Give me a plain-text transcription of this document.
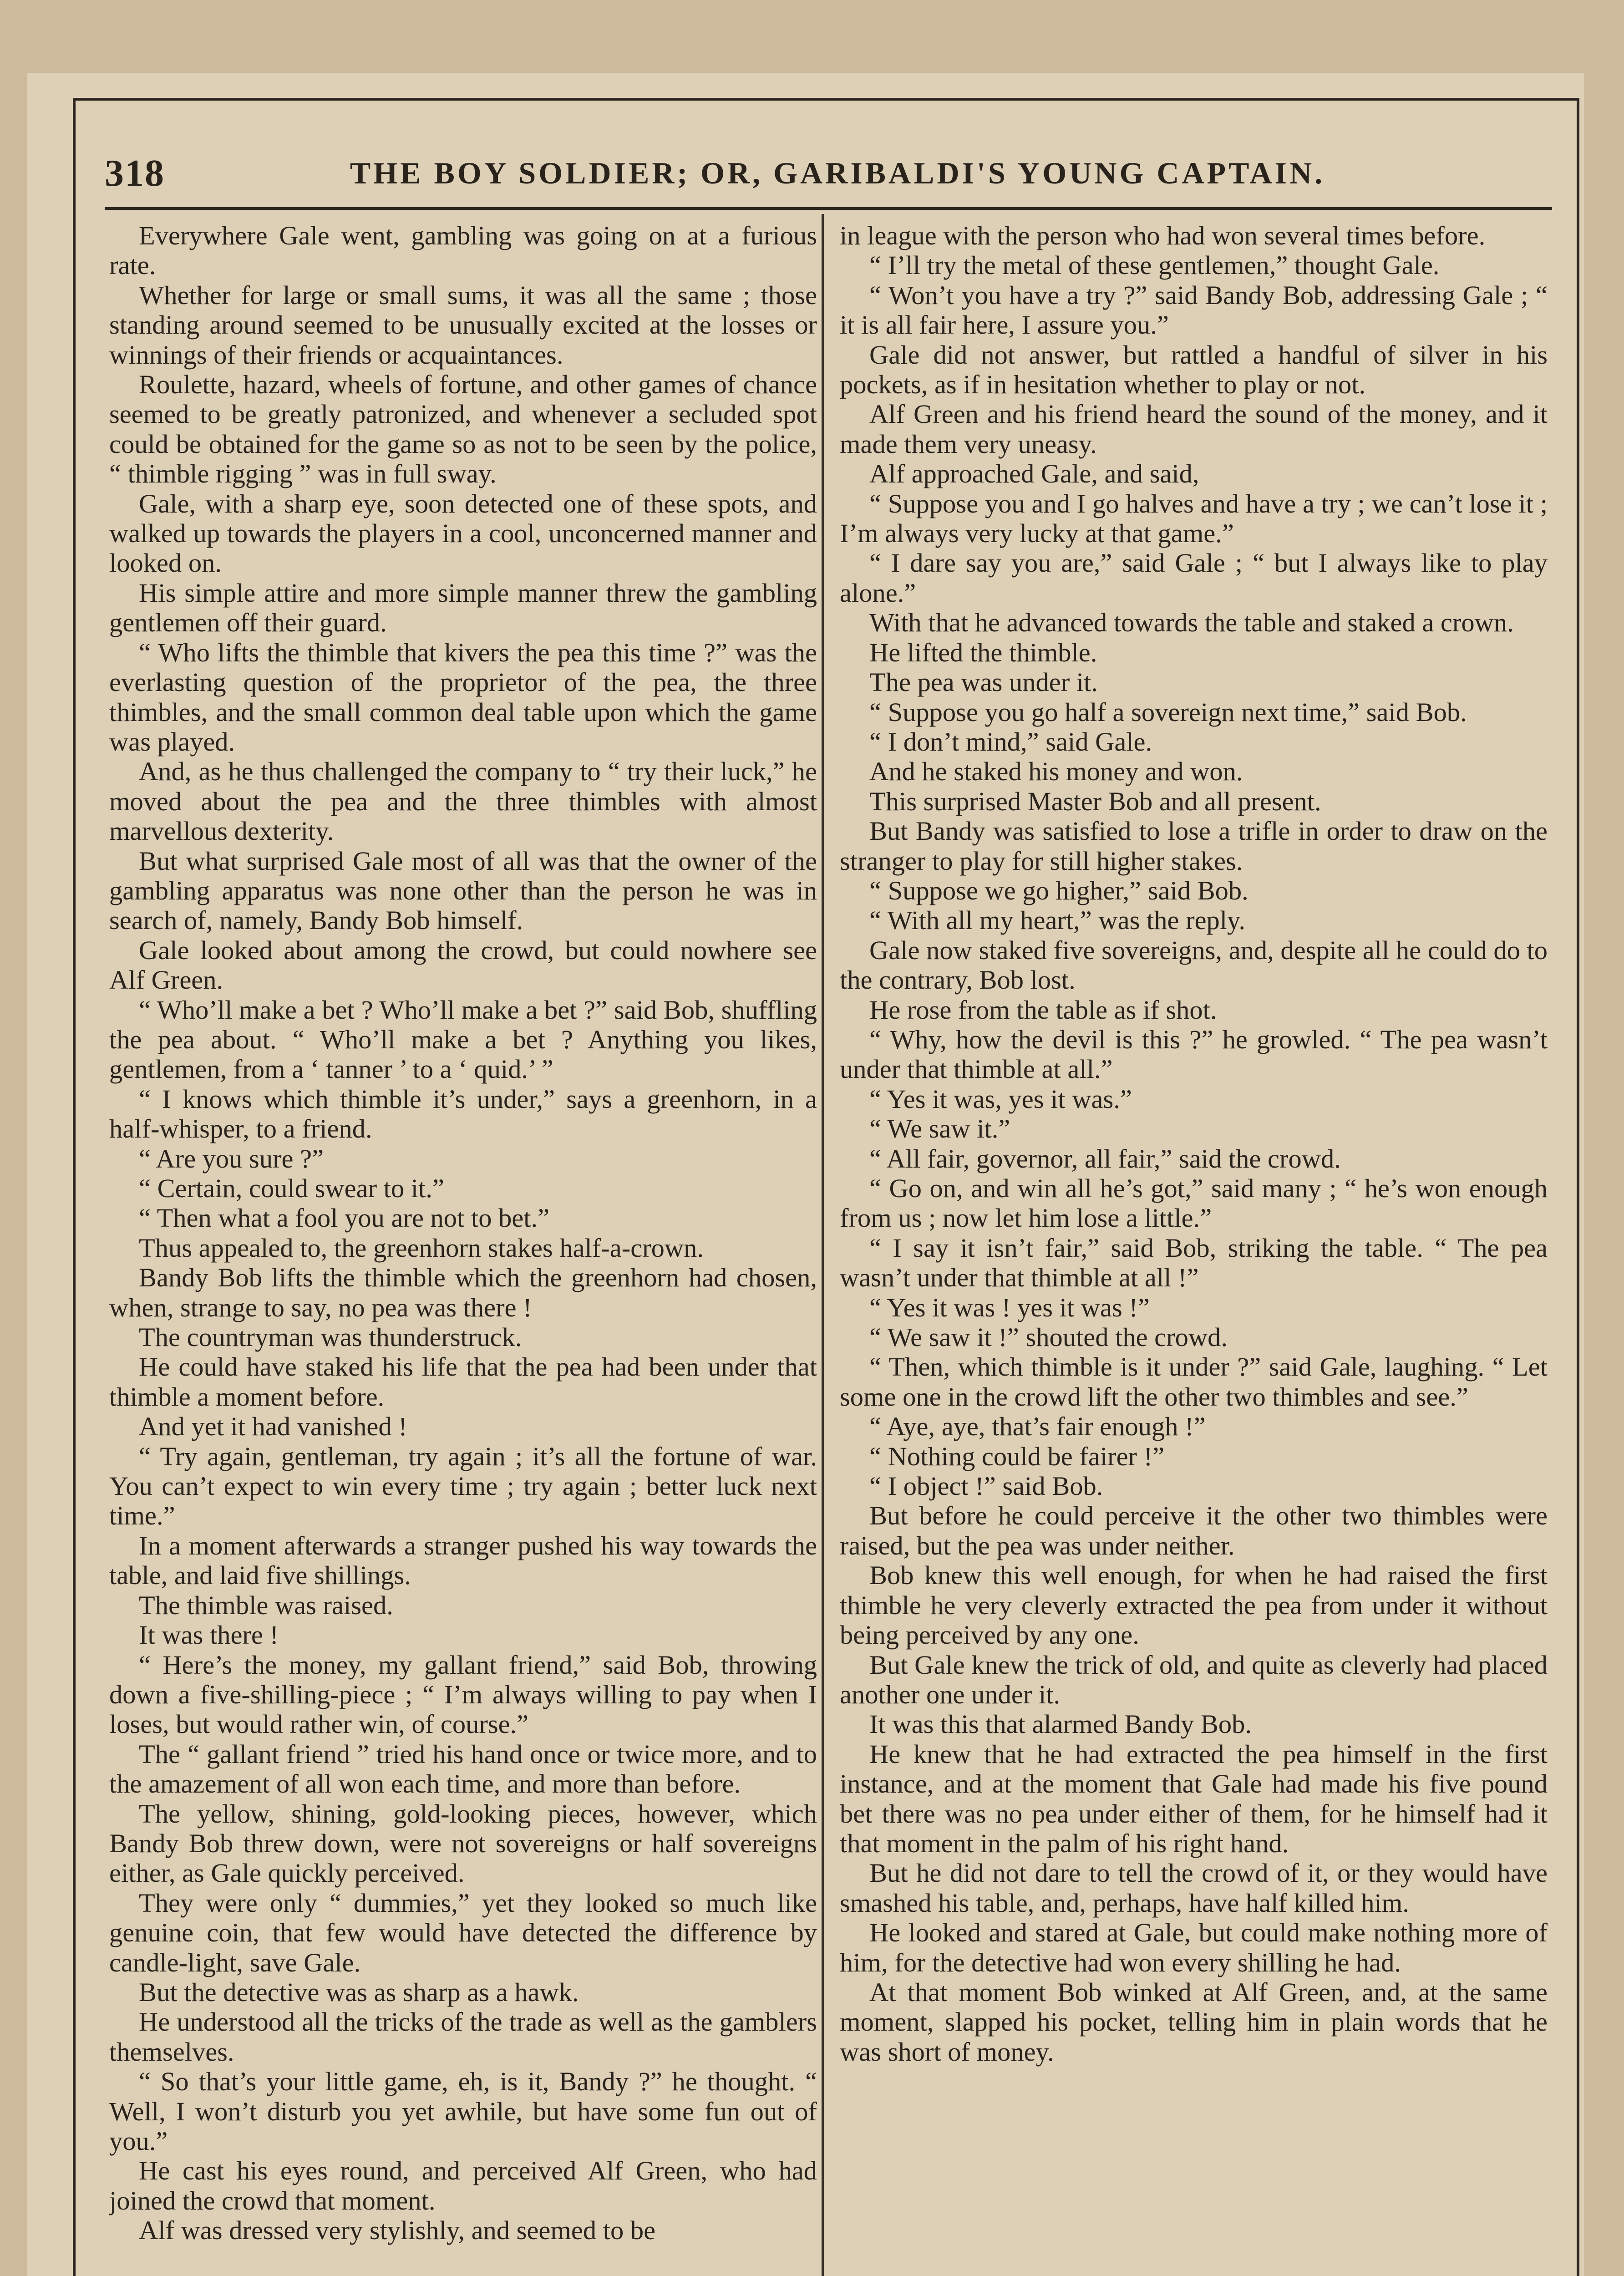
318	THE BOY SOLDIER; OR, GARIBALDI'S YOUNG CAPTAIN.

Everywhere Gale went, gambling was going on at a furious rate.

Whether for large or small sums, it was all the same ; those standing around seemed to be unusually excited at the losses or winnings of their friends or acquaintances.

Roulette, hazard, wheels of fortune, and other games of chance seemed to be greatly patronized, and whenever a secluded spot could be obtained for the game so as not to be seen by the police, “ thimble rigging ” was in full sway.

Gale, with a sharp eye, soon detected one of these spots, and walked up towards the players in a cool, unconcerned manner and looked on.

His simple attire and more simple manner threw the gambling gentlemen off their guard.

“ Who lifts the thimble that kivers the pea this time ?” was the everlasting question of the proprietor of the pea, the three thimbles, and the small common deal table upon which the game was played.

And, as he thus challenged the company to “ try their luck,” he moved about the pea and the three thimbles with almost marvellous dexterity.

But what surprised Gale most of all was that the owner of the gambling apparatus was none other than the person he was in search of, namely, Bandy Bob himself.

Gale looked about among the crowd, but could nowhere see Alf Green.

“ Who’ll make a bet ? Who’ll make a bet ?” said Bob, shuffling the pea about. “ Who’ll make a bet ? Anything you likes, gentlemen, from a ‘ tanner ’ to a ‘ quid.’ ”

“ I knows which thimble it’s under,” says a greenhorn, in a half-whisper, to a friend.

“ Are you sure ?”

“ Certain, could swear to it.”

“ Then what a fool you are not to bet.”

Thus appealed to, the greenhorn stakes half-a-crown.

Bandy Bob lifts the thimble which the greenhorn had chosen, when, strange to say, no pea was there !

The countryman was thunderstruck.

He could have staked his life that the pea had been under that thimble a moment before.

And yet it had vanished !

“ Try again, gentleman, try again ; it’s all the fortune of war. You can’t expect to win every time ; try again ; better luck next time.”

In a moment afterwards a stranger pushed his way towards the table, and laid five shillings.

The thimble was raised.

It was there !

“ Here’s the money, my gallant friend,” said Bob, throwing down a five-shilling-piece ; “ I’m always willing to pay when I loses, but would rather win, of course.”

The “ gallant friend ” tried his hand once or twice more, and to the amazement of all won each time, and more than before.

The yellow, shining, gold-looking pieces, however, which Bandy Bob threw down, were not sovereigns or half sovereigns either, as Gale quickly perceived.

They were only “ dummies,” yet they looked so much like genuine coin, that few would have detected the difference by candle-light, save Gale.

But the detective was as sharp as a hawk.

He understood all the tricks of the trade as well as the gamblers themselves.

“ So that’s your little game, eh, is it, Bandy ?” he thought. “ Well, I won’t disturb you yet awhile, but have some fun out of you.”

He cast his eyes round, and perceived Alf Green, who had joined the crowd that moment.

Alf was dressed very stylishly, and seemed to be

in league with the person who had won several times before.

“ I’ll try the metal of these gentlemen,” thought Gale.

“ Won’t you have a try ?” said Bandy Bob, addressing Gale ; “ it is all fair here, I assure you.”

Gale did not answer, but rattled a handful of silver in his pockets, as if in hesitation whether to play or not.

Alf Green and his friend heard the sound of the money, and it made them very uneasy.

Alf approached Gale, and said,

“ Suppose you and I go halves and have a try ; we can’t lose it ; I’m always very lucky at that game.”

“ I dare say you are,” said Gale ; “ but I always like to play alone.”

With that he advanced towards the table and staked a crown.

He lifted the thimble.

The pea was under it.

“ Suppose you go half a sovereign next time,” said Bob.

“ I don’t mind,” said Gale.

And he staked his money and won.

This surprised Master Bob and all present.

But Bandy was satisfied to lose a trifle in order to draw on the stranger to play for still higher stakes.

“ Suppose we go higher,” said Bob.

“ With all my heart,” was the reply.

Gale now staked five sovereigns, and, despite all he could do to the contrary, Bob lost.

He rose from the table as if shot.

“ Why, how the devil is this ?” he growled. “ The pea wasn’t under that thimble at all.”

“ Yes it was, yes it was.”

“ We saw it.”

“ All fair, governor, all fair,” said the crowd.

“ Go on, and win all he’s got,” said many ; “ he’s won enough from us ; now let him lose a little.”

“ I say it isn’t fair,” said Bob, striking the table. “ The pea wasn’t under that thimble at all !”

“ Yes it was ! yes it was !”

“ We saw it !” shouted the crowd.

“ Then, which thimble is it under ?” said Gale, laughing. “ Let some one in the crowd lift the other two thimbles and see.”

“ Aye, aye, that’s fair enough !”

“ Nothing could be fairer !”

“ I object !” said Bob.

But before he could perceive it the other two thimbles were raised, but the pea was under neither.

Bob knew this well enough, for when he had raised the first thimble he very cleverly extracted the pea from under it without being perceived by any one.

But Gale knew the trick of old, and quite as cleverly had placed another one under it.

It was this that alarmed Bandy Bob.

He knew that he had extracted the pea himself in the first instance, and at the moment that Gale had made his five pound bet there was no pea under either of them, for he himself had it that moment in the palm of his right hand.

But he did not dare to tell the crowd of it, or they would have smashed his table, and, perhaps, have half killed him.

He looked and stared at Gale, but could make nothing more of him, for the detective had won every shilling he had.

At that moment Bob winked at Alf Green, and, at the same moment, slapped his pocket, telling him in plain words that he was short of money.
